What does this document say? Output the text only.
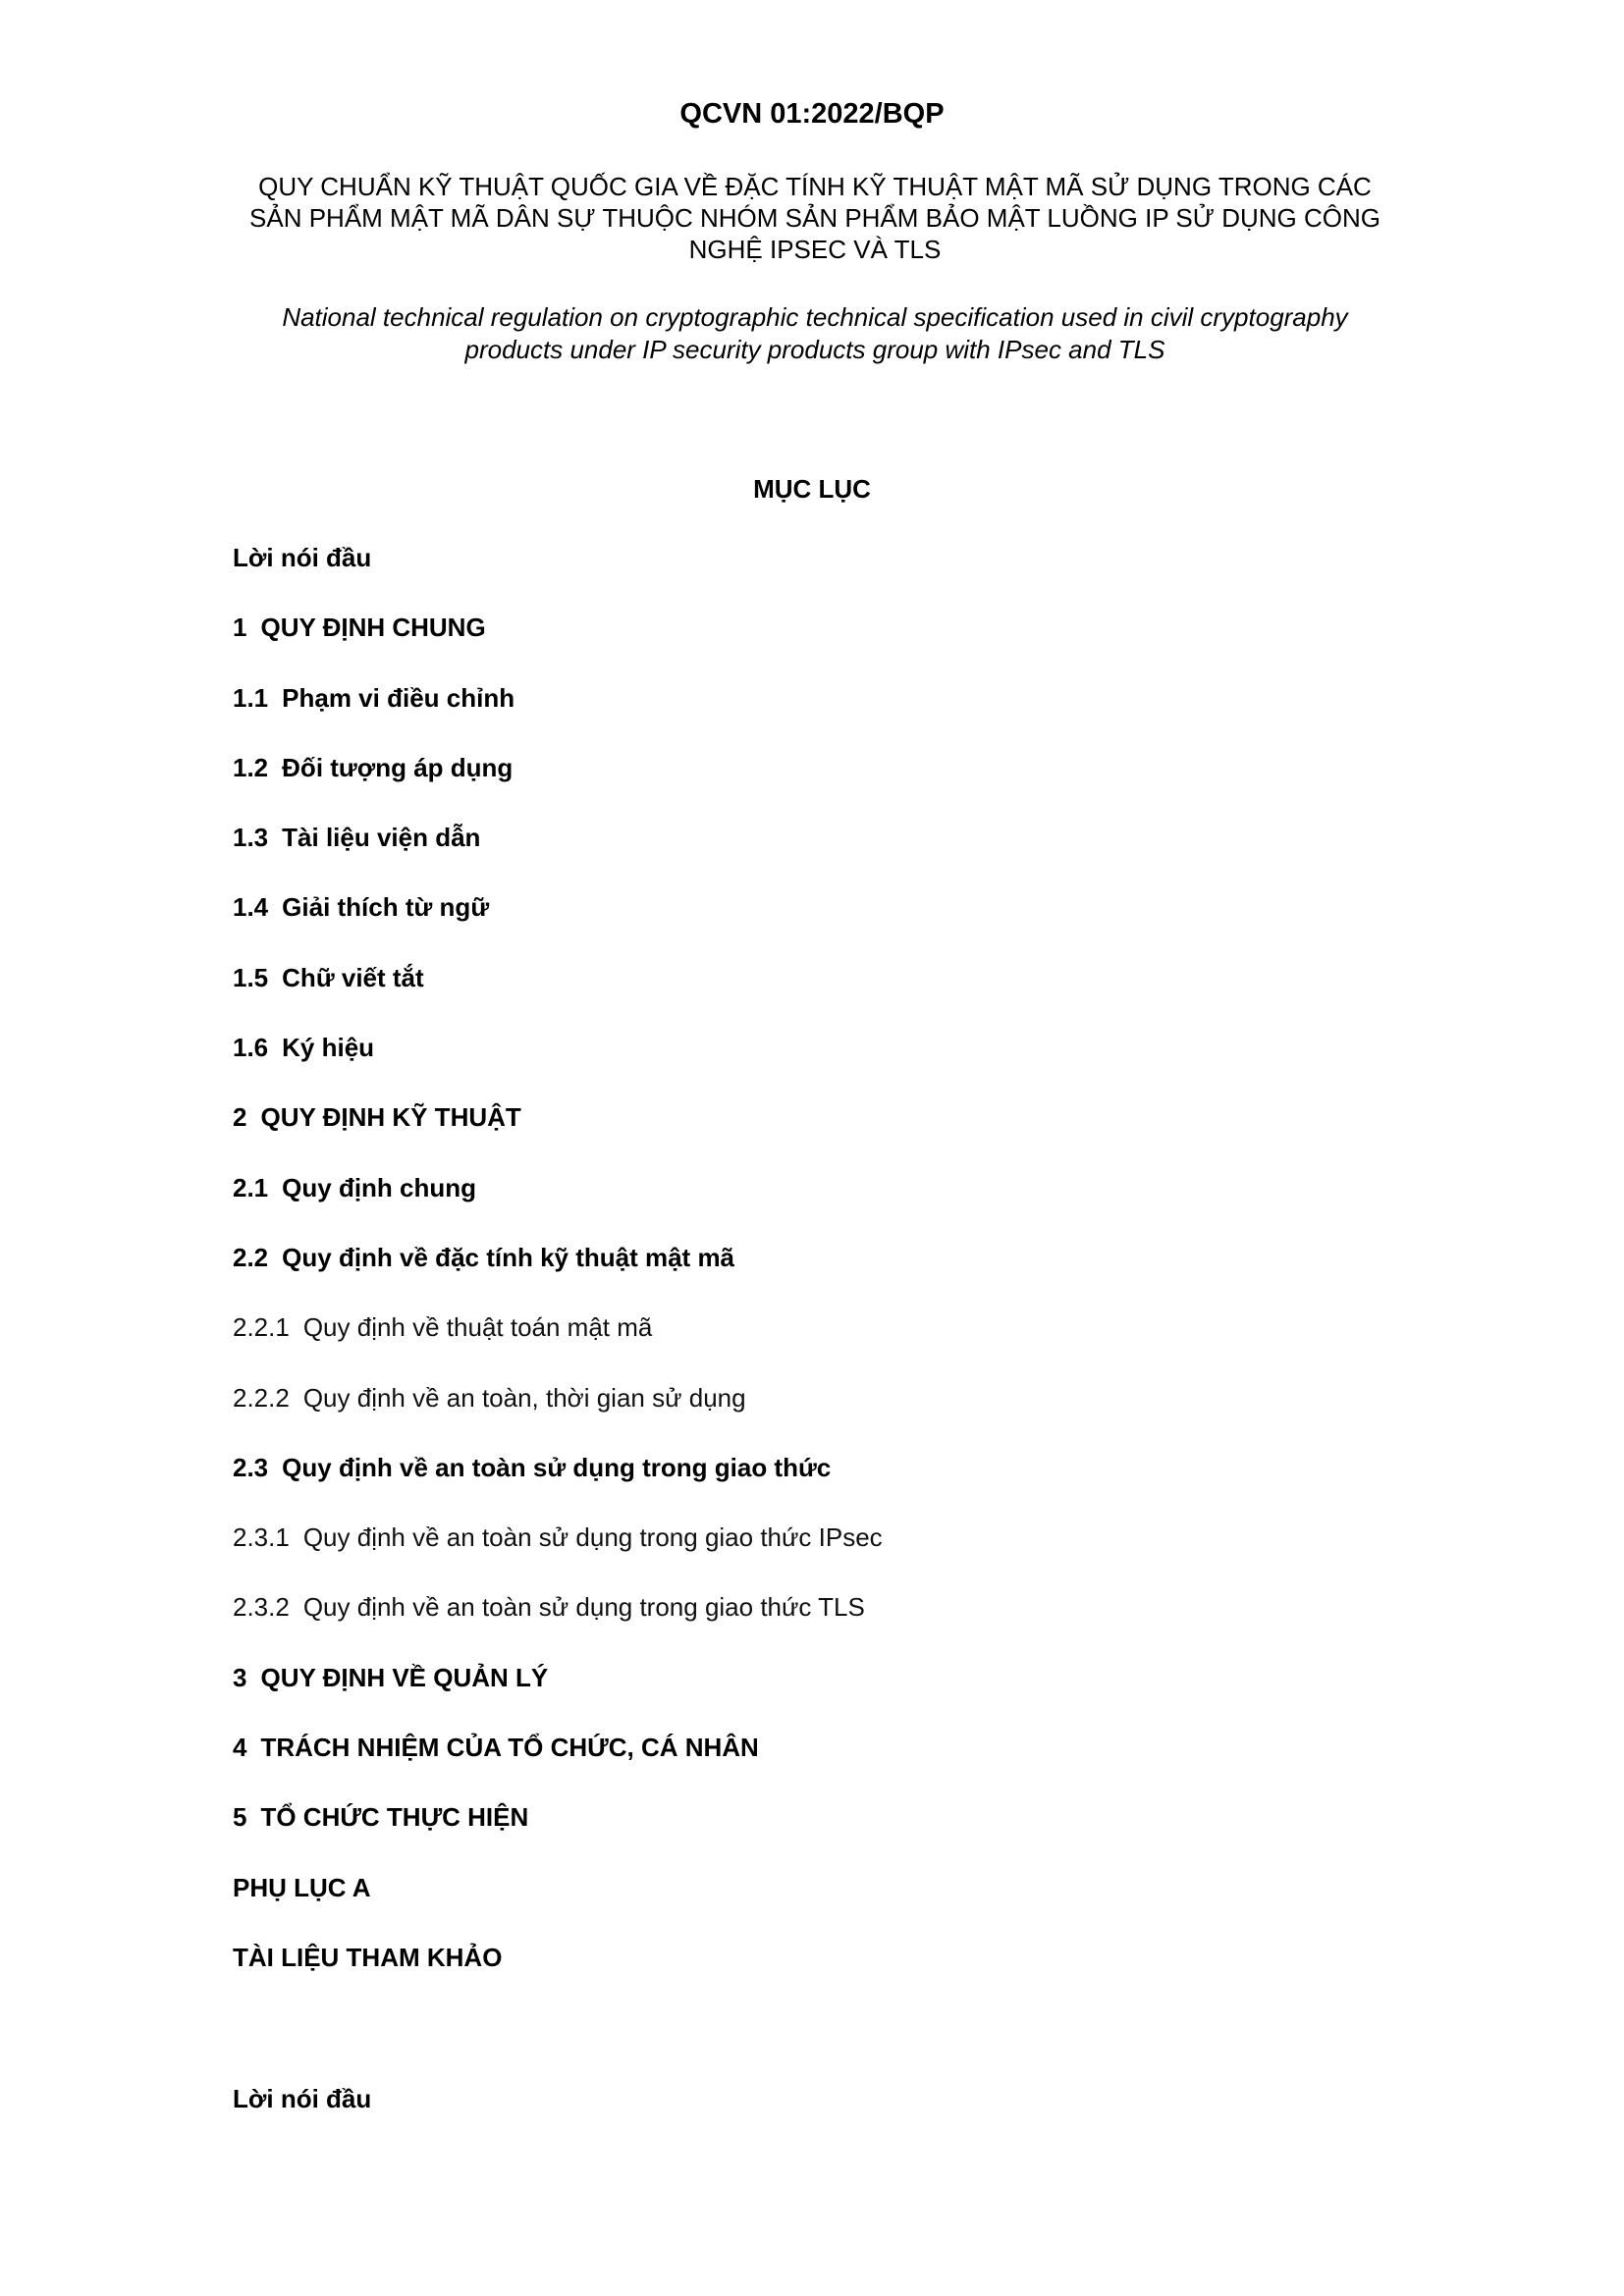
QCVN 01:2022/BQP
QUY CHUẨN KỸ THUẬT QUỐC GIA VỀ ĐẶC TÍNH KỸ THUẬT MẬT MÃ SỬ DỤNG TRONG CÁC
SẢN PHẨM MẬT MÃ DÂN SỰ THUỘC NHÓM SẢN PHẨM BẢO MẬT LUỒNG IP SỬ DỤNG CÔNG
NGHỆ IPSEC VÀ TLS
National technical regulation on cryptographic technical specification used in civil cryptography
products under IP security products group with IPsec and TLS
MỤC LỤC
Lời nói đầu
1 QUY ĐỊNH CHUNG
1.1 Phạm vi điều chỉnh
1.2 Đối tượng áp dụng
1.3 Tài liệu viện dẫn
1.4 Giải thích từ ngữ
1.5 Chữ viết tắt
1.6 Ký hiệu
2 QUY ĐỊNH KỸ THUẬT
2.1 Quy định chung
2.2 Quy định về đặc tính kỹ thuật mật mã
2.2.1 Quy định về thuật toán mật mã
2.2.2 Quy định về an toàn, thời gian sử dụng
2.3 Quy định về an toàn sử dụng trong giao thức
2.3.1 Quy định về an toàn sử dụng trong giao thức IPsec
2.3.2 Quy định về an toàn sử dụng trong giao thức TLS
3 QUY ĐỊNH VỀ QUẢN LÝ
4 TRÁCH NHIỆM CỦA TỔ CHỨC, CÁ NHÂN
5 TỔ CHỨC THỰC HIỆN
PHỤ LỤC A
TÀI LIỆU THAM KHẢO
Lời nói đầu
